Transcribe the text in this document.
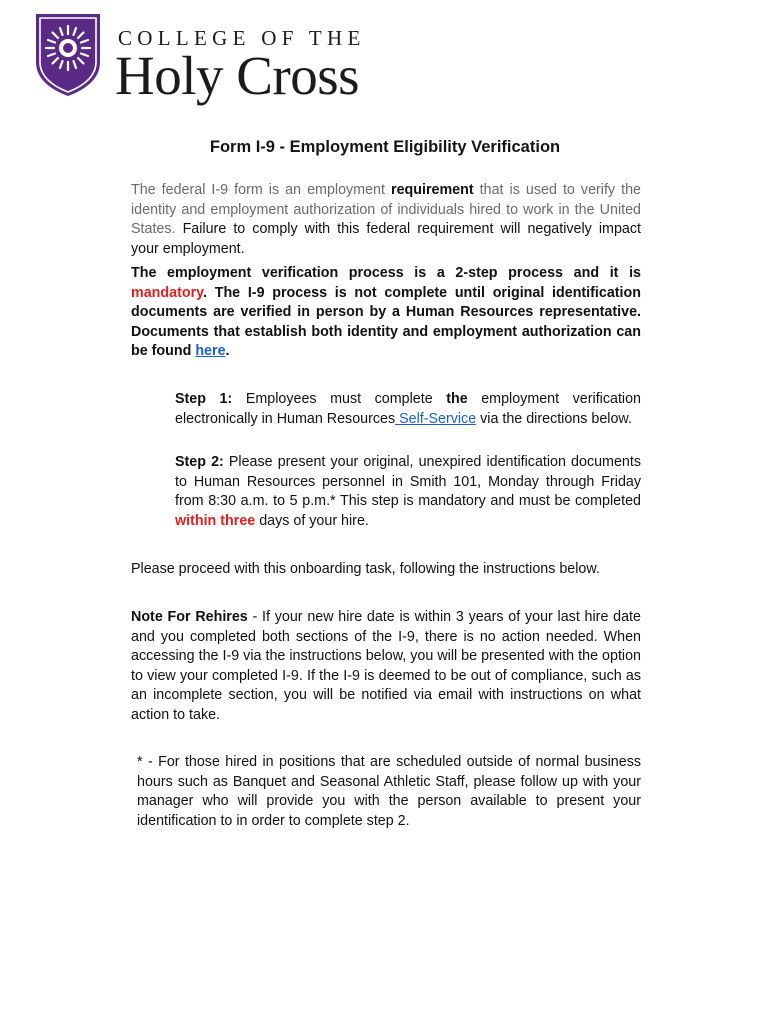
COLLEGE OF THE
Holy Cross
Form I-9 - Employment Eligibility Verification

The federal I-9 form is an employment requirement that is used to verify the identity and employment authorization of individuals hired to work in the United States. Failure to comply with this federal requirement will negatively impact your employment.

The employment verification process is a 2-step process and it is mandatory. The I-9 process is not complete until original identification documents are verified in person by a Human Resources representative. Documents that establish both identity and employment authorization can be found here.

Step 1: Employees must complete the employment verification electronically in Human Resources Self-Service via the directions below.

Step 2: Please present your original, unexpired identification documents to Human Resources personnel in Smith 101, Monday through Friday from 8:30 a.m. to 5 p.m.* This step is mandatory and must be completed within three days of your hire.

Please proceed with this onboarding task, following the instructions below.

Note For Rehires - If your new hire date is within 3 years of your last hire date and you completed both sections of the I-9, there is no action needed. When accessing the I-9 via the instructions below, you will be presented with the option to view your completed I-9. If the I-9 is deemed to be out of compliance, such as an incomplete section, you will be notified via email with instructions on what action to take.

* - For those hired in positions that are scheduled outside of normal business hours such as Banquet and Seasonal Athletic Staff, please follow up with your manager who will provide you with the person available to present your identification to in order to complete step 2.
